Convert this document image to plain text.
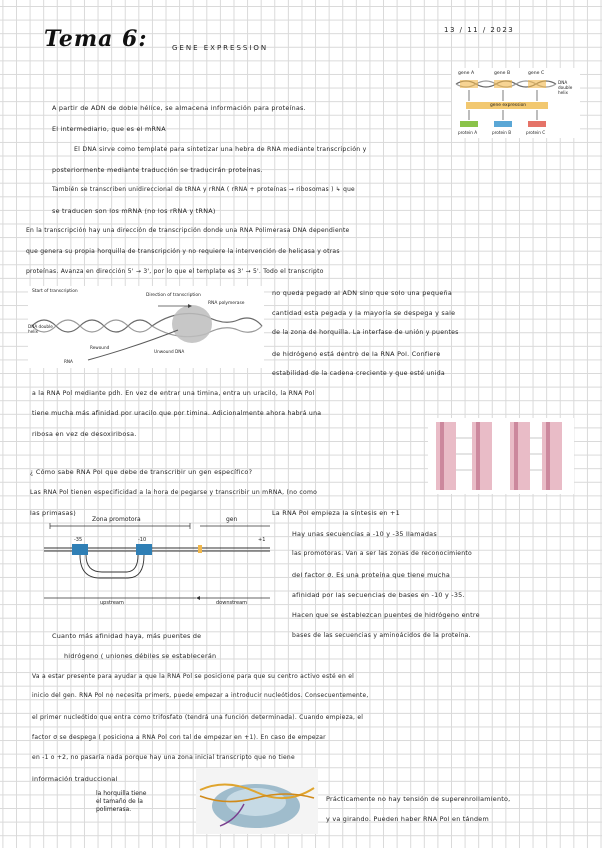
Tema 6:	GENE EXPRESSION
13 / 11 / 2023
gene A	gene B	gene C
DNA double helix
gene expression
protein A	protein B	protein C
Start of transcription
Direction of transcription
RNA polymerase
DNA double helix
Rewound
Unwound DNA
RNA
Zona promotora	gen
-35	-10	+1
upstream	downstream
A partir de ADN de doble hélice, se almacena información para proteínas.
El intermediario, que es el mRNA
El DNA sirve como template para sintetizar una hebra de RNA mediante transcripción y
posteriormente mediante traducción se traducirán proteínas.
También se transcriben unidireccional de tRNA y rRNA ( rRNA + proteínas → ribosomas ) ↳ que
se traducen son los mRNA (no los rRNA y tRNA)
En la transcripción hay una dirección de transcripción donde una RNA Polimerasa DNA dependiente
que genera su propia horquilla de transcripción y no requiere la intervención de helicasa y otras
proteínas. Avanza en dirección 5' → 3', por lo que el template es 3' → 5'. Todo el transcripto
no queda pegado al ADN sino que solo una pequeña
cantidad esta pegada y la mayoría se despega y sale
de la zona de horquilla. La interfase de unión y puentes
de hidrógeno está dentro de la RNA Pol. Confiere
estabilidad de la cadena creciente y que esté unida
a la RNA Pol mediante pdh. En vez de entrar una timina, entra un uracilo, la RNA Pol
tiene mucha más afinidad por uracilo que por timina. Adicionalmente ahora habrá una
ribosa en vez de desoxiribosa.
¿ Cómo sabe RNA Pol que debe de transcribir un gen específico?
Las RNA Pol tienen especificidad a la hora de pegarse y transcribir un mRNA, (no como
las primasas)	La RNA Pol empieza la síntesis en +1
Hay unas secuencias a -10 y -35 llamadas
las promotoras. Van a ser las zonas de reconocimiento
del factor σ. Es una proteína que tiene mucha
afinidad por las secuencias de bases en -10 y -35.
Hacen que se establezcan puentes de hidrógeno entre
Cuanto más afinidad haya, más puentes de	bases de las secuencias y aminoácidos de la proteína.
hidrógeno ( uniones débiles se establecerán
Va a estar presente para ayudar a que la RNA Pol se posicione para que su centro activo esté en el
inicio del gen. RNA Pol no necesita primers, puede empezar a introducir nucleótidos. Consecuentemente,
el primer nucleótido que entra como trifosfato (tendrá una función determinada). Cuando empieza, el
factor σ se despega ( posiciona a RNA Pol con tal de empezar en +1). En caso de empezar
en -1 o +2, no pasaría nada porque hay una zona inicial transcripto que no tiene
información traduccional
Prácticamente no hay tensión de superenrollamiento,
y va girando. Pueden haber RNA Pol en tándem
la horquilla tiene
el tamaño de la
polimerasa.
